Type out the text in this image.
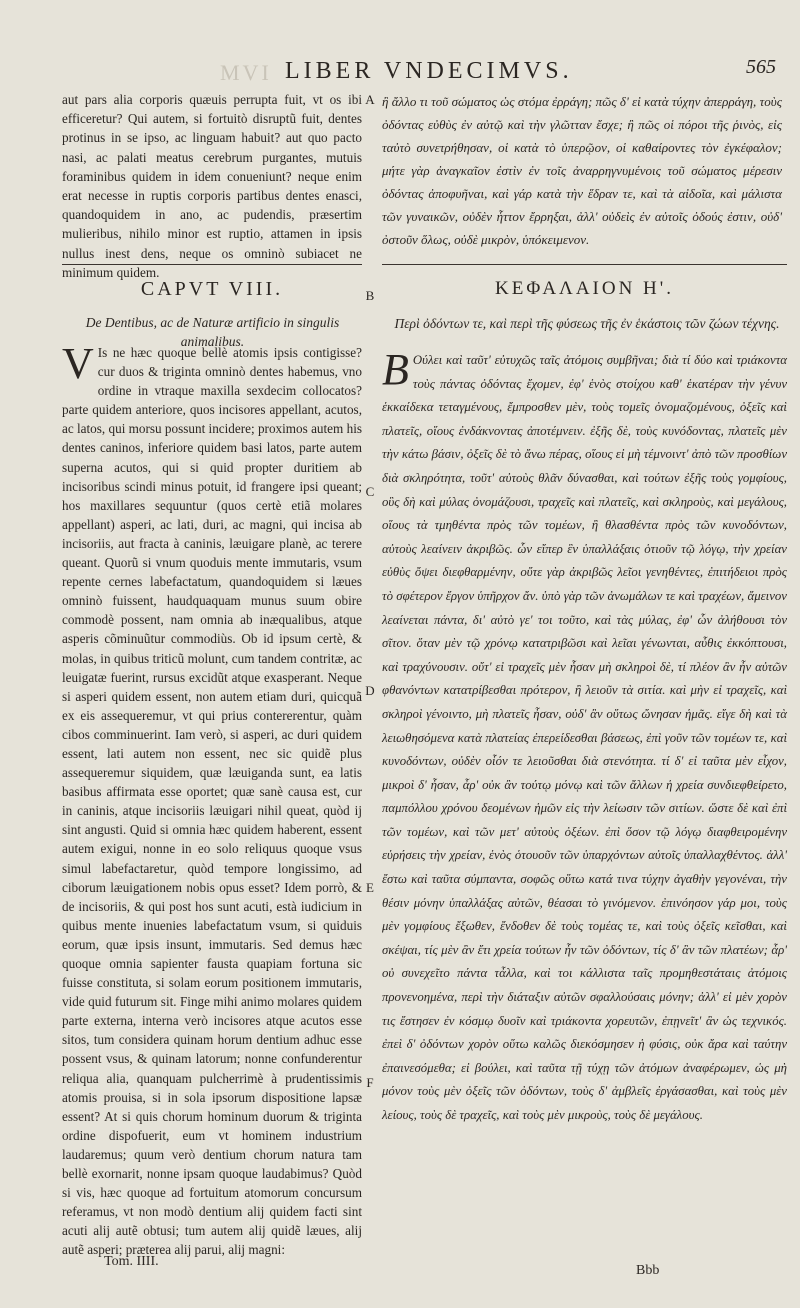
MVI LIBER VNDECIMVS.	565

aut pars alia corporis quæuis perrupta fuit, vt os ibi efficeretur? Qui autem, si fortuitò disruptũ fuit, dentes protinus in se ipso, ac linguam habuit? aut quo pacto nasi, ac palati meatus cerebrum purgantes, mutuis foraminibus quidem in idem conueniunt? neque enim erat necesse in ruptis corporis partibus dentes enasci, quandoquidem in ano, ac pudendis, præsertim mulieribus, nihilo minor est ruptio, attamen in ipsis nullus inest dens, neque os omninò subiacet ne minimum quidem.

ἢ ἄλλο τι τοῦ σώματος ὡς στόμα ἐρράγη; πῶς δ' εἰ κατὰ τύχην ἀπερράγη, τοὺς ὀδόντας εὐθὺς ἐν αὐτῷ καὶ τὴν γλῶτταν ἔσχε; ἢ πῶς οἱ πόροι τῆς ῥινὸς, εἰς ταὐτὸ συνετρήθησαν, οἱ κατὰ τὸ ὑπερῷον, οἱ καθαίροντες τὸν ἐγκέφαλον; μήτε γὰρ ἀναγκαῖον ἐστὶν ἐν τοῖς ἀναρρηγνυμένοις τοῦ σώματος μέρεσιν ὀδόντας ἀποφυῆναι, καὶ γάρ κατὰ τὴν ἕδραν τε, καὶ τὰ αἰδοῖα, καὶ μάλιστα τῶν γυναικῶν, οὐδὲν ἧττον ἔρρηξαι, ἀλλ' οὐδεὶς ἐν αὐτοῖς ὀδούς ἐστιν, οὐδ' ὀστοῦν ὅλως, οὐδὲ μικρὸν, ὑπόκειμενον.

CAPVT VIII.	ΚΕΦΑΛΑΙΟΝ Η'.
De Dentibus, ac de Naturæ artificio in singulis animalibus.
Περὶ ὀδόντων τε, καὶ περὶ τῆς φύσεως τῆς ἐν ἑκάστοις τῶν ζώων τέχνης.
V Is ne hæc quoque bellè atomis ipsis contigisse? cur duos & triginta omninò dentes habemus, vno ordine in vtraque maxilla sexdecim collocatos? parte quidem anteriore, quos incisores appellant, acutos, ac latos, qui morsu possunt incidere; proximos autem his dentes caninos, inferiore quidem basi latos, parte autem superna acutos, qui si quid propter duritiem ab incisoribus scindi minus potuit, id frangere ipsi queant; hos maxillares sequuntur (quos certè etiã molares appellant) asperi, ac lati, duri, ac magni, qui incisa ab incisoriis, aut fracta à caninis, læuigare planè, ac terere queant. Quorũ si vnum quoduis mente immutaris, vsum repente cernes labefactatum, quandoquidem si læues omninò fuissent, haudquaquam munus suum obire commodè possent, nam omnia ab inæqualibus, atque asperis cõminuũtur commodiùs. Ob id ipsum certè, & molas, in quibus triticũ molunt, cum tandem contritæ, ac leuigatæ fuerint, rursus excidũt atque exasperant. Neque si asperi quidem essent, non autem etiam duri, quicquã ex eis assequeremur, vt qui prius contererentur, quàm cibos comminuerint. Iam verò, si asperi, ac duri quidem essent, lati autem non essent, nec sic quidẽ plus assequeremur siquidem, quæ læuiganda sunt, ea latis basibus affirmata esse oportet; quæ sanè causa est, cur in caninis, atque incisoriis læuigari nihil queat, quòd ij sint angusti. Quid si omnia hæc quidem haberent, essent autem exigui, nonne in eo solo reliquus quoque vsus simul labefactaretur, quòd tempore longissimo, ad ciborum læuigationem nobis opus esset? Idem porrò, & de incisoriis, & qui post hos sunt acuti, està iudicium in quibus mente inuenies labefactatum vsum, si quiduis eorum, quæ ipsis insunt, immutaris. Sed demus hæc quoque omnia sapienter fausta quapiam fortuna sic fuisse constituta, si solam eorum positionem immutaris, vide quid futurum sit. Finge mihi animo molares quidem parte externa, interna verò incisores atque acutos esse sitos, tum considera quinam horum dentium adhuc esse possent vsus, & quinam latorum; nonne confunderentur reliqua alia, quanquam pulcherrimè à prudentissimis atomis prouisa, si in sola ipsorum dispositione lapsæ essent? At si quis chorum hominum duorum & triginta ordine dispofuerit, eum vt hominem industrium laudaremus; quum verò dentium chorum natura tam bellè exornarit, nonne ipsam quoque laudabimus? Quòd si vis, hæc quoque ad fortuitum atomorum concursum referamus, vt non modò dentium alij quidem facti sint acuti alij autẽ obtusi; tum autem alij quidẽ læues, alij autẽ asperi; præterea alij parui, alij magni:
Β Ούλει καὶ ταῦτ' εὐτυχῶς ταῖς ἀτόμοις συμβῆναι; διὰ τί δύο καὶ τριάκοντα τοὺς πάντας ὀδόντας ἔχομεν, ἐφ' ἑνὸς στοίχου καθ' ἑκατέραν τὴν γένυν ἑκκαίδεκα τεταγμένους, ἔμπροσθεν μὲν, τοὺς τομεῖς ὀνομαζομένους, ὀξεῖς καὶ πλατεῖς, οἵους ἐνδάκνοντας ἀποτέμνειν. ἐξῆς δὲ, τοὺς κυνόδοντας, πλατεῖς μὲν τὴν κάτω βάσιν, ὀξεῖς δὲ τὸ ἄνω πέρας, οἵους εἰ μὴ τέμνοιντ' ἀπὸ τῶν προσθίων διὰ σκληρότητα, τοῦτ' αὐτοὺς θλᾶν δύνασθαι, καὶ τούτων ἐξῆς τοὺς γομφίους, οὓς δὴ καὶ μύλας ὀνομάζουσι, τραχεῖς καὶ πλατεῖς, καὶ σκληροὺς, καὶ μεγάλους, οἵους τὰ τμηθέντα πρὸς τῶν τομέων, ἢ θλασθέντα πρὸς τῶν κυνοδόντων, αὐτοὺς λεαίνειν ἀκριβῶς. ὧν εἴπερ ἓν ὑπαλλάξαις ὁτιοῦν τῷ λόγῳ, τὴν χρείαν εὐθὺς ὄψει διεφθαρμένην, οὔτε γὰρ ἀκριβῶς λεῖοι γενηθέντες, ἐπιτήδειοι πρὸς τὸ σφέτερον ἔργον ὑπῆρχον ἄν. ὑπὸ γὰρ τῶν ἀνωμάλων τε καὶ τραχέων, ἄμεινον λεαίνεται πάντα, δι' αὐτὸ γε' τοι τοῦτο, καὶ τὰς μύλας, ἐφ' ὧν ἀλήθουσι τὸν σῖτον. ὅταν μὲν τῷ χρόνῳ κατατριβῶσι καὶ λεῖαι γένωνται, αὖθις ἐκκόπτουσι, καὶ τραχύνουσιν. οὔτ' εἰ τραχεῖς μὲν ἦσαν μὴ σκληροὶ δὲ, τί πλέον ἂν ἦν αὐτῶν φθανόντων κατατρίβεσθαι πρότερον, ἢ λειοῦν τὰ σιτία. καὶ μὴν εἰ τραχεῖς, καὶ σκληροὶ γένοιντο, μὴ πλατεῖς ἦσαν, οὐδ' ἂν οὕτως ὤνησαν ἡμᾶς. εἴγε δὴ καὶ τὰ λειωθησόμενα κατὰ πλατείας ἐπερείδεσθαι βάσεως, ἐπὶ γοῦν τῶν τομέων τε, καὶ κυνοδόντων, οὐδὲν οἷόν τε λειοῦσθαι διὰ στενότητα. τί δ' εἰ ταῦτα μὲν εἶχον, μικροὶ δ' ἦσαν, ἆρ' οὐκ ἂν τούτῳ μόνῳ καὶ τῶν ἄλλων ἡ χρεία συνδιεφθείρετο, παμπόλλου χρόνου δεομένων ἡμῶν εἰς τὴν λείωσιν τῶν σιτίων. ὥστε δὲ καὶ ἐπὶ τῶν τομέων, καὶ τῶν μετ' αὐτοὺς ὀξέων. ἐπὶ ὅσον τῷ λόγῳ διαφθειρομένην εὑρήσεις τὴν χρείαν, ἑνὸς ὁτουοῦν τῶν ὑπαρχόντων αὐτοῖς ὑπαλλαχθέντος. ἀλλ' ἔστω καὶ ταῦτα σύμπαντα, σοφῶς οὕτω κατά τινα τύχην ἀγαθὴν γεγονέναι, τὴν θέσιν μόνην ὑπαλλάξας αὐτῶν, θέασαι τὸ γινόμενον. ἐπινόησον γάρ μοι, τοὺς μὲν γομφίους ἔξωθεν, ἔνδοθεν δὲ τοὺς τομέας τε, καὶ τοὺς ὀξεῖς κεῖσθαι, καὶ σκέψαι, τίς μὲν ἂν ἔτι χρεία τούτων ἦν τῶν ὀδόντων, τίς δ' ἂν τῶν πλατέων; ἆρ' οὐ συνεχεῖτο πάντα τἆλλα, καὶ τοι κάλλιστα ταῖς προμηθεστάταις ἀτόμοις προνενοημένα, περὶ τὴν διάταξιν αὐτῶν σφαλλούσαις μόνην; ἀλλ' εἰ μὲν χορὸν τις ἔστησεν ἐν κόσμῳ δυοῖν καὶ τριάκοντα χορευτῶν, ἐπῃνεῖτ' ἂν ὡς τεχνικός. ἐπεὶ δ' ὀδόντων χορὸν οὕτω καλῶς διεκόσμησεν ἡ φύσις, οὐκ ἄρα καὶ ταύτην ἐπαινεσόμεθα; εἰ βούλει, καὶ ταῦτα τῇ τύχῃ τῶν ἀτόμων ἀναφέρωμεν, ὡς μὴ μόνον τοὺς μὲν ὀξεῖς τῶν ὀδόντων, τοὺς δ' ἀμβλεῖς ἐργάσασθαι, καὶ τοὺς μὲν λείους, τοὺς δὲ τραχεῖς, καὶ τοὺς μὲν μικροὺς, τοὺς δὲ μεγάλους.
A
B
C
D
E
F
Tom. IIII.
Bbb
